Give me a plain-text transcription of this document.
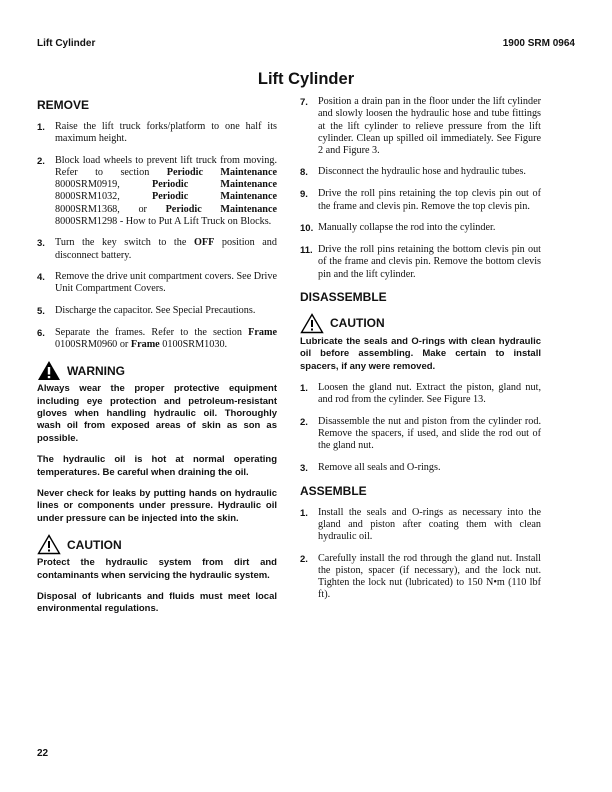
Lift Cylinder	1900 SRM 0964
Lift Cylinder
REMOVE
1. Raise the lift truck forks/platform to one half its maximum height.
2. Block load wheels to prevent lift truck from moving. Refer to section Periodic Maintenance 8000SRM0919, Periodic Maintenance 8000SRM1032, Periodic Maintenance 8000SRM1368, or Periodic Maintenance 8000SRM1298 - How to Put A Lift Truck on Blocks.
3. Turn the key switch to the OFF position and disconnect battery.
4. Remove the drive unit compartment covers. See Drive Unit Compartment Covers.
5. Discharge the capacitor. See Special Precautions.
6. Separate the frames. Refer to the section Frame 0100SRM0960 or Frame 0100SRM1030.
WARNING

Always wear the proper protective equipment including eye protection and petroleum-resistant gloves when handling hydraulic oil. Thoroughly wash oil from exposed areas of skin as son as possible.

The hydraulic oil is hot at normal operating temperatures. Be careful when draining the oil.

Never check for leaks by putting hands on hydraulic lines or components under pressure. Hydraulic oil under pressure can be injected into the skin.

CAUTION

Protect the hydraulic system from dirt and contaminants when servicing the hydraulic system.

Disposal of lubricants and fluids must meet local environmental regulations.

7. Position a drain pan in the floor under the lift cylinder and slowly loosen the hydraulic hose and tube fittings at the lift cylinder to relieve pressure from the lift cylinder. Clean up spilled oil immediately. See Figure 2 and Figure 3.
8. Disconnect the hydraulic hose and hydraulic tubes.
9. Drive the roll pins retaining the top clevis pin out of the frame and clevis pin. Remove the top clevis pin.
10. Manually collapse the rod into the cylinder.
11. Drive the roll pins retaining the bottom clevis pin out of the frame and clevis pin. Remove the bottom clevis pin and the lift cylinder.
DISASSEMBLE
CAUTION

Lubricate the seals and O-rings with clean hydraulic oil before assembling. Make certain to install spacers, if any were removed.

1. Loosen the gland nut. Extract the piston, gland nut, and rod from the cylinder. See Figure 13.
2. Disassemble the nut and piston from the cylinder rod. Remove the spacers, if used, and slide the rod out of the gland nut.
3. Remove all seals and O-rings.
ASSEMBLE
1. Install the seals and O-rings as necessary into the gland and piston after coating them with clean hydraulic oil.
2. Carefully install the rod through the gland nut. Install the piston, spacer (if necessary), and the lock nut. Tighten the lock nut (lubricated) to 150 N•m (110 lbf ft).
22
